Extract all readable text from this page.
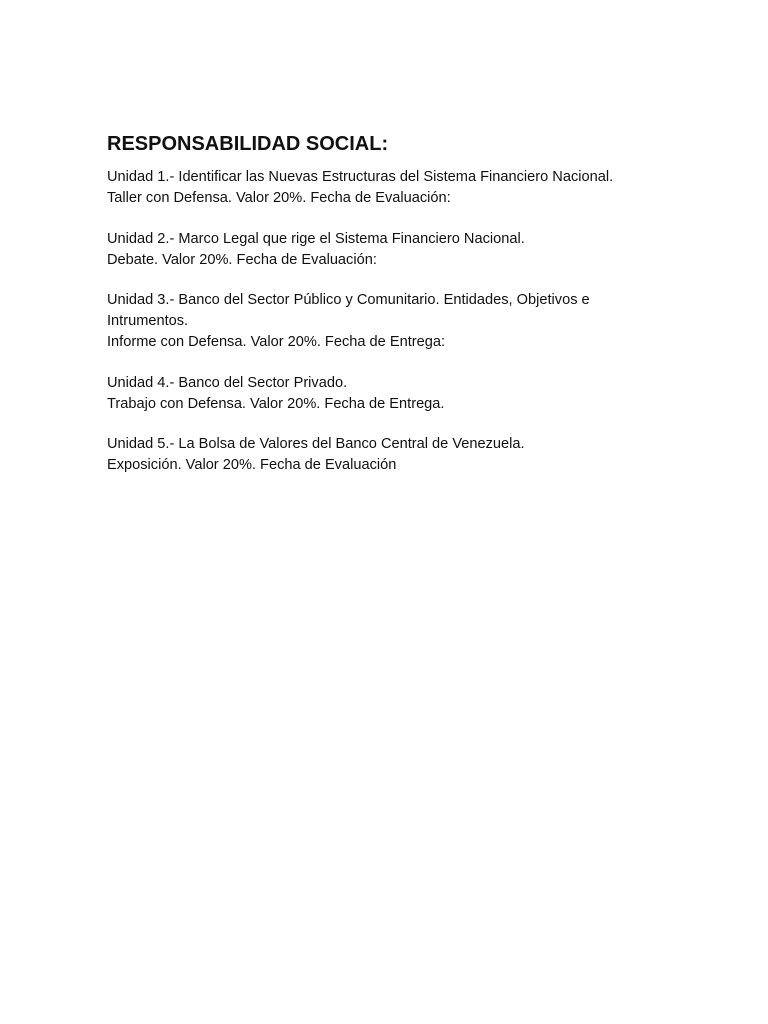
RESPONSABILIDAD SOCIAL:

Unidad 1.- Identificar las Nuevas Estructuras del Sistema Financiero Nacional.
Taller con Defensa. Valor 20%. Fecha de Evaluación:

Unidad 2.- Marco Legal que rige el Sistema Financiero Nacional.
Debate. Valor 20%. Fecha de Evaluación:

Unidad 3.- Banco del Sector Público y Comunitario. Entidades, Objetivos e Intrumentos.
Informe con Defensa. Valor 20%. Fecha de Entrega:

Unidad 4.- Banco del Sector Privado.
Trabajo con Defensa. Valor 20%. Fecha de Entrega.

Unidad 5.- La Bolsa de Valores del Banco Central de Venezuela.
Exposición. Valor 20%. Fecha de Evaluación
